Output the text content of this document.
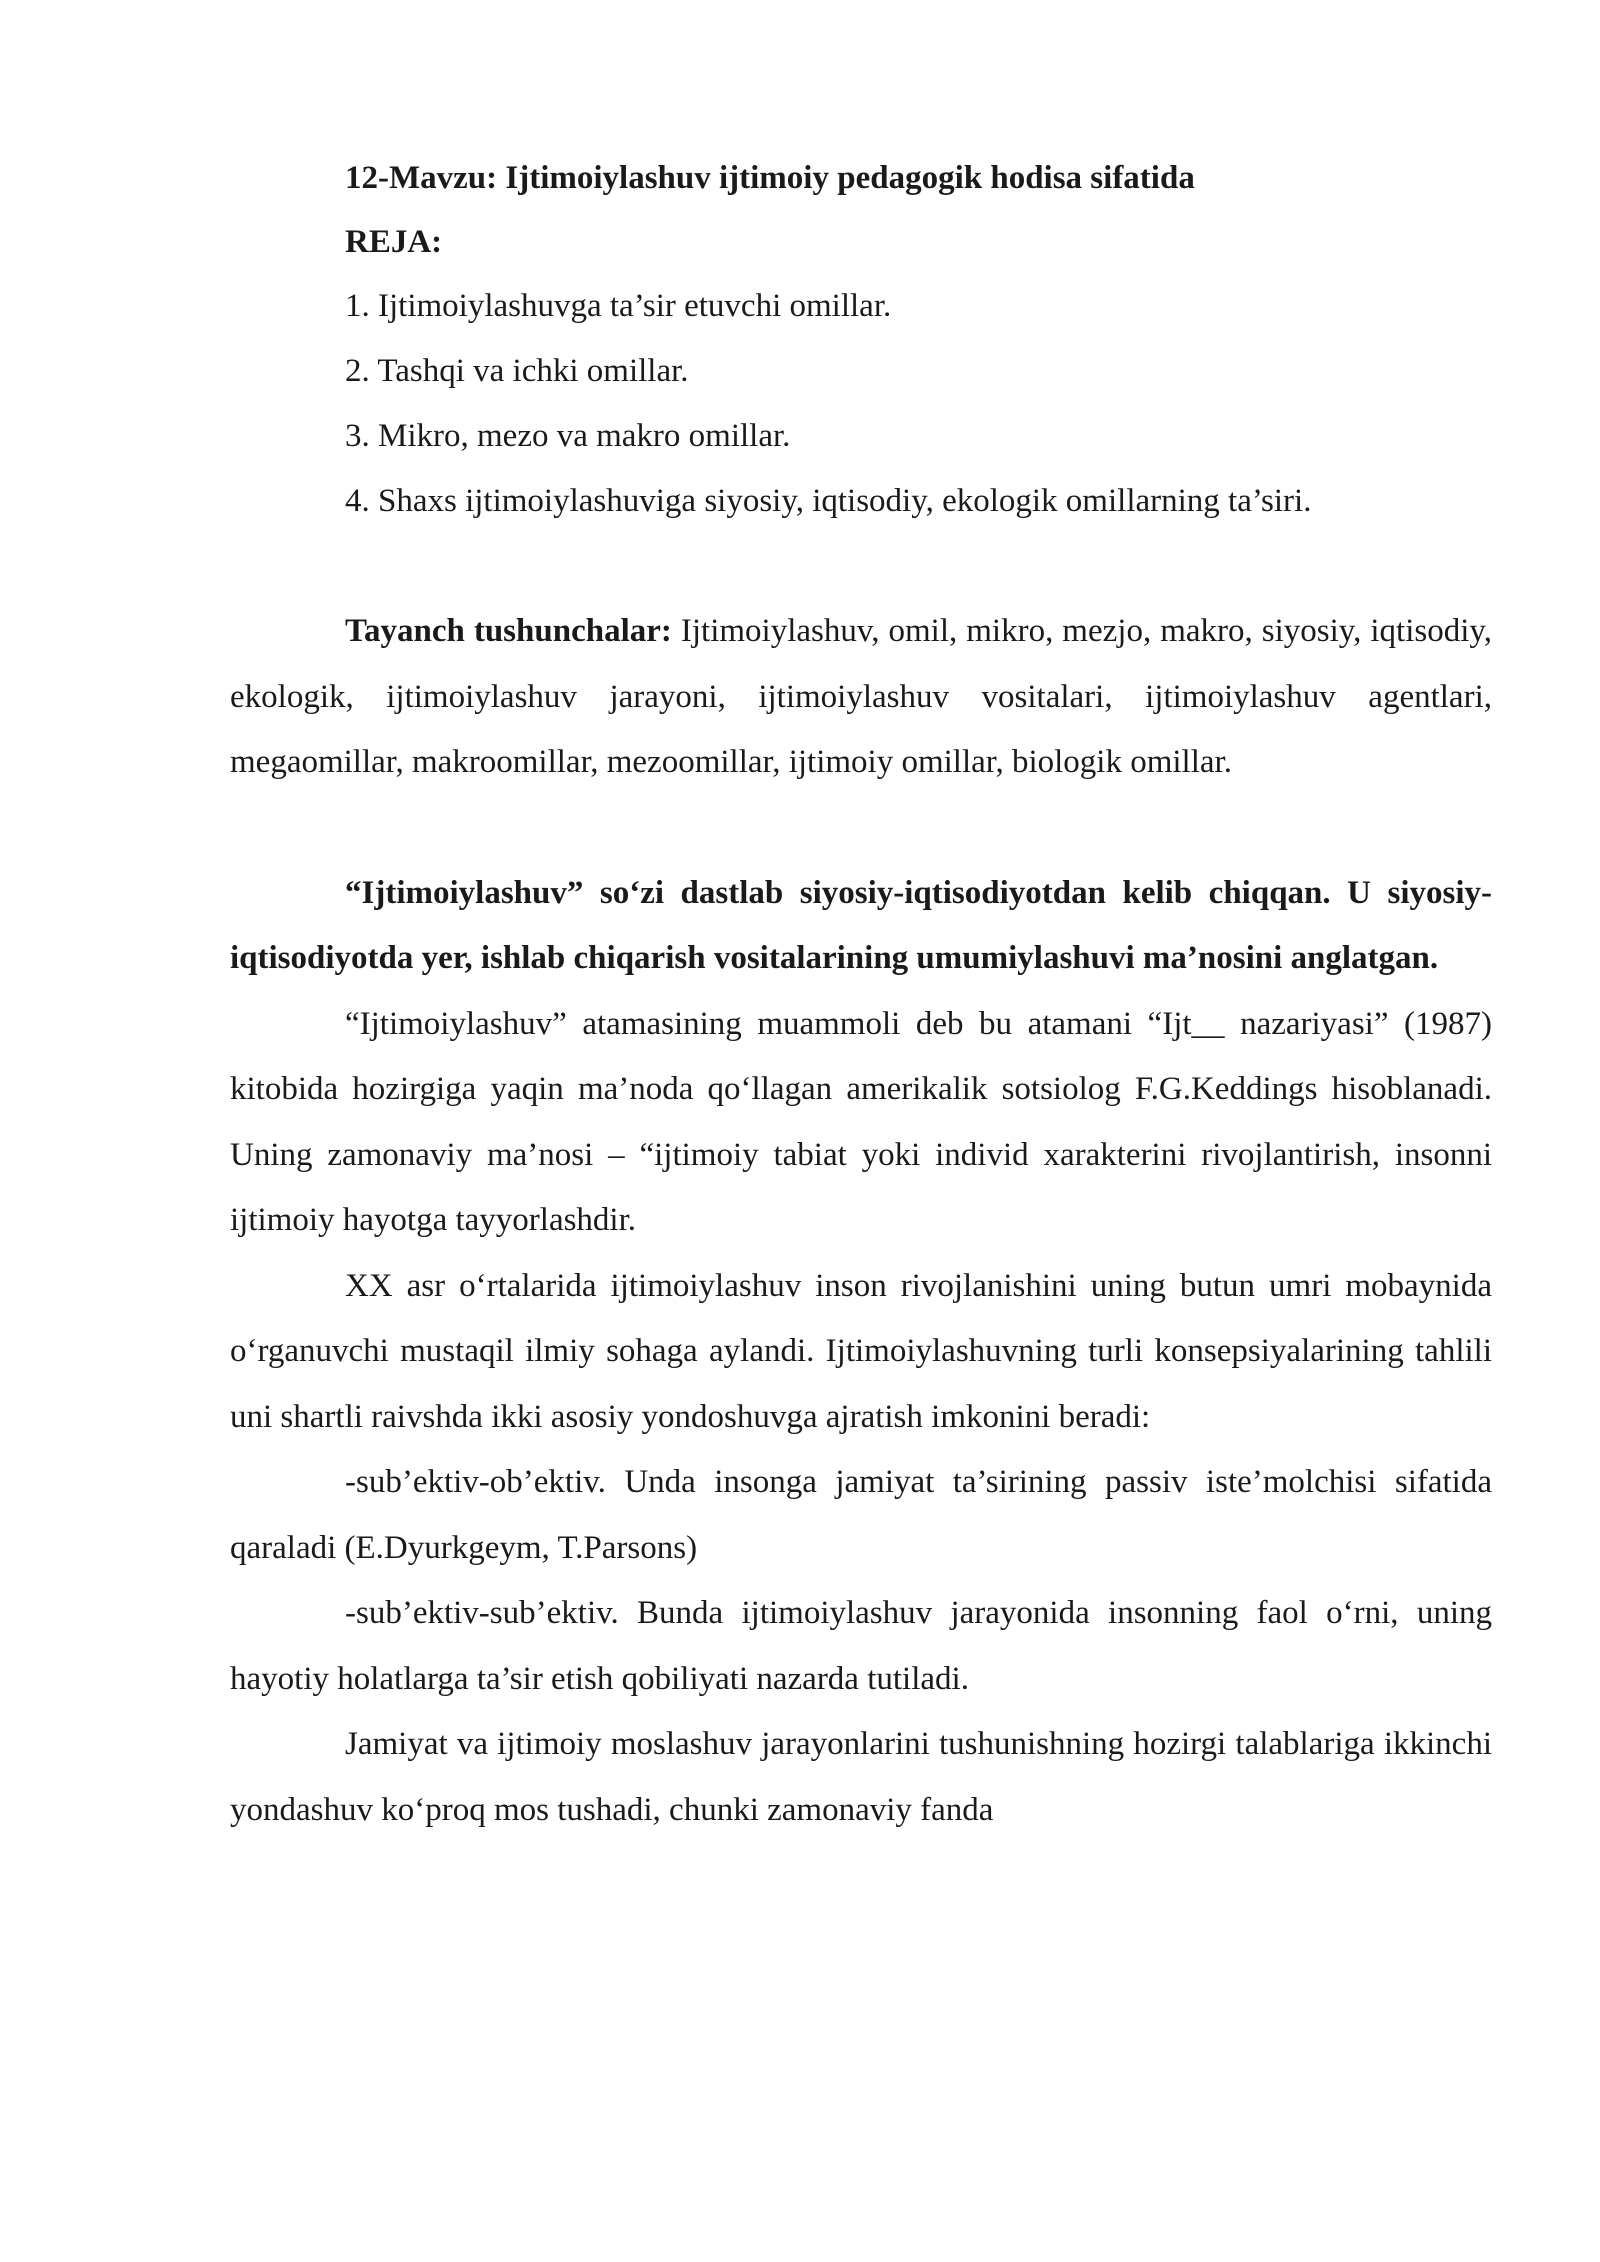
12-Mavzu: Ijtimoiylashuv ijtimoiy pedagogik hodisa sifatida

REJA:

1. Ijtimoiylashuvga ta’sir etuvchi omillar.

2. Tashqi va ichki omillar.

3. Mikro, mezo va makro omillar.

4. Shaxs ijtimoiylashuviga siyosiy, iqtisodiy, ekologik omillarning ta’siri.

Tayanch tushunchalar: Ijtimoiylashuv, omil, mikro, mezjo, makro, siyosiy, iqtisodiy, ekologik, ijtimoiylashuv jarayoni, ijtimoiylashuv vositalari, ijtimoiylashuv agentlari, megaomillar, makroomillar, mezoomillar, ijtimoiy omillar, biologik omillar.

“Ijtimoiylashuv” so‘zi dastlab siyosiy-iqtisodiyotdan kelib chiqqan. U siyosiy-iqtisodiyotda yer, ishlab chiqarish vositalarining umumiylashuvi ma’nosini anglatgan.

“Ijtimoiylashuv” atamasining muammoli deb bu atamani “Ijt__ nazariyasi” (1987) kitobida hozirgiga yaqin ma’noda qo‘llagan amerikalik sotsiolog F.G.Keddings hisoblanadi. Uning zamonaviy ma’nosi – “ijtimoiy tabiat yoki individ xarakterini rivojlantirish, insonni ijtimoiy hayotga tayyorlashdir.

XX asr o‘rtalarida ijtimoiylashuv inson rivojlanishini uning butun umri mobaynida o‘rganuvchi mustaqil ilmiy sohaga aylandi. Ijtimoiylashuvning turli konsepsiyalarining tahlili uni shartli raivshda ikki asosiy yondoshuvga ajratish imkonini beradi:

-sub’ektiv-ob’ektiv. Unda insonga jamiyat ta’sirining passiv iste’molchisi sifatida qaraladi (E.Dyurkgeym, T.Parsons)

-sub’ektiv-sub’ektiv. Bunda ijtimoiylashuv jarayonida insonning faol o‘rni, uning hayotiy holatlarga ta’sir etish qobiliyati nazarda tutiladi.

Jamiyat va ijtimoiy moslashuv jarayonlarini tushunishning hozirgi talablariga ikkinchi yondashuv ko‘proq mos tushadi, chunki zamonaviy fanda
